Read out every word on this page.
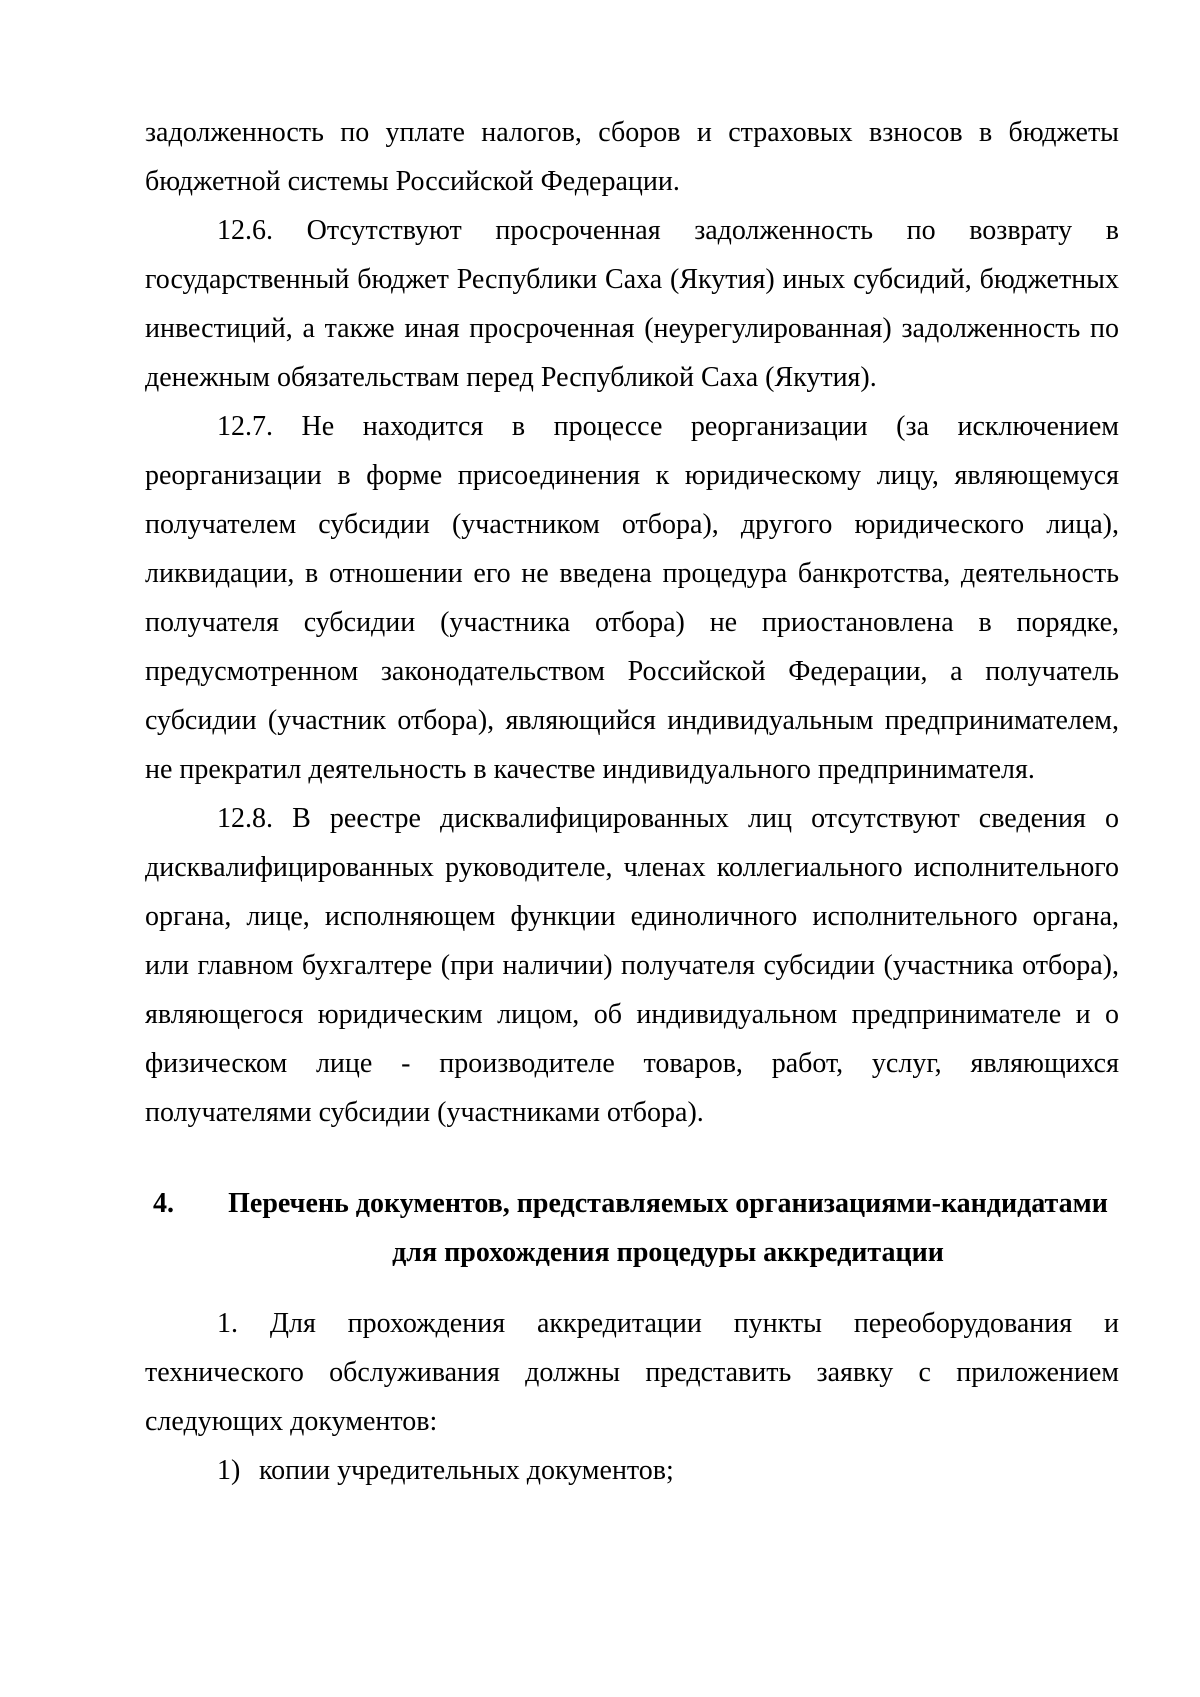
задолженность по уплате налогов, сборов и страховых взносов в бюджеты бюджетной системы Российской Федерации.

12.6. Отсутствуют просроченная задолженность по возврату в государственный бюджет Республики Саха (Якутия) иных субсидий, бюджетных инвестиций, а также иная просроченная (неурегулированная) задолженность по денежным обязательствам перед Республикой Саха (Якутия).

12.7. Не находится в процессе реорганизации (за исключением реорганизации в форме присоединения к юридическому лицу, являющемуся получателем субсидии (участником отбора), другого юридического лица), ликвидации, в отношении его не введена процедура банкротства, деятельность получателя субсидии (участника отбора) не приостановлена в порядке, предусмотренном законодательством Российской Федерации, а получатель субсидии (участник отбора), являющийся индивидуальным предпринимателем, не прекратил деятельность в качестве индивидуального предпринимателя.

12.8. В реестре дисквалифицированных лиц отсутствуют сведения о дисквалифицированных руководителе, членах коллегиального исполнительного органа, лице, исполняющем функции единоличного исполнительного органа, или главном бухгалтере (при наличии) получателя субсидии (участника отбора), являющегося юридическим лицом, об индивидуальном предпринимателе и о физическом лице - производителе товаров, работ, услуг, являющихся получателями субсидии (участниками отбора).

4.	Перечень документов, представляемых организациями-кандидатами
для прохождения процедуры аккредитации

1. Для прохождения аккредитации пункты переоборудования и технического обслуживания должны представить заявку с приложением следующих документов:

1) копии учредительных документов;
